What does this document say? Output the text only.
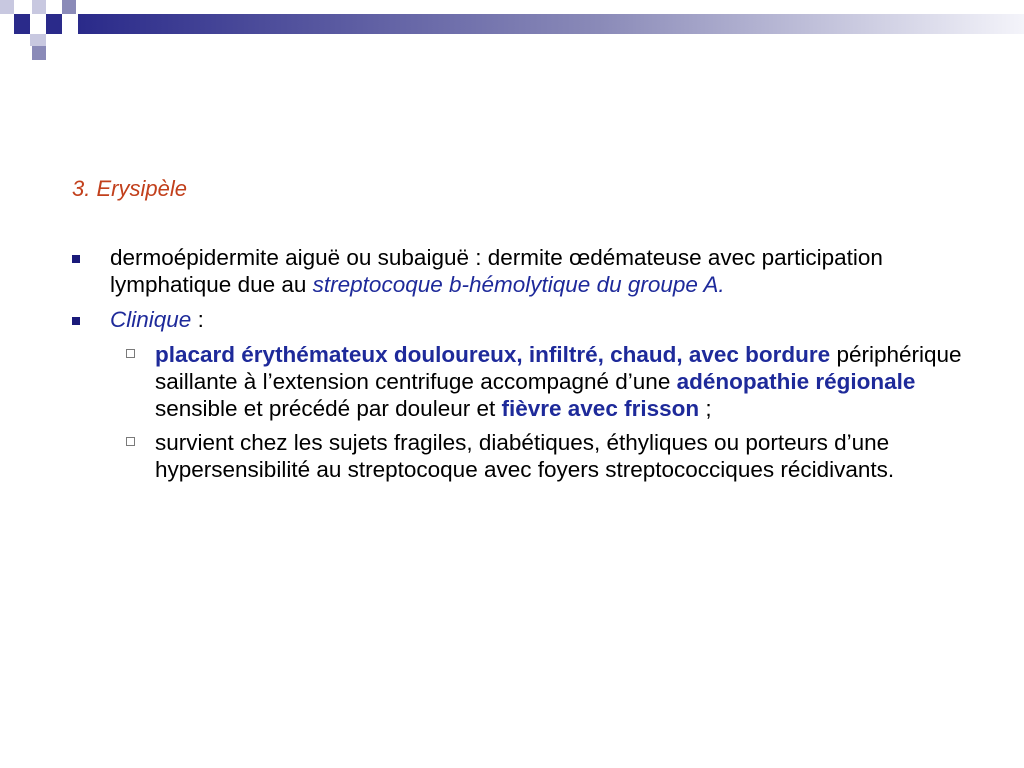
3. Erysipèle
dermoépidermite aiguë ou subaiguë : dermite œdémateuse avec participation lymphatique due au streptocoque b-hémolytique du groupe A.
Clinique :
placard érythémateux douloureux, infiltré, chaud, avec bordure périphérique saillante à l’extension centrifuge accompagné d’une adénopathie régionale sensible et précédé par douleur et fièvre avec frisson ;
survient chez les sujets fragiles, diabétiques, éthyliques ou porteurs d’une hypersensibilité au streptocoque avec foyers streptococciques récidivants.
